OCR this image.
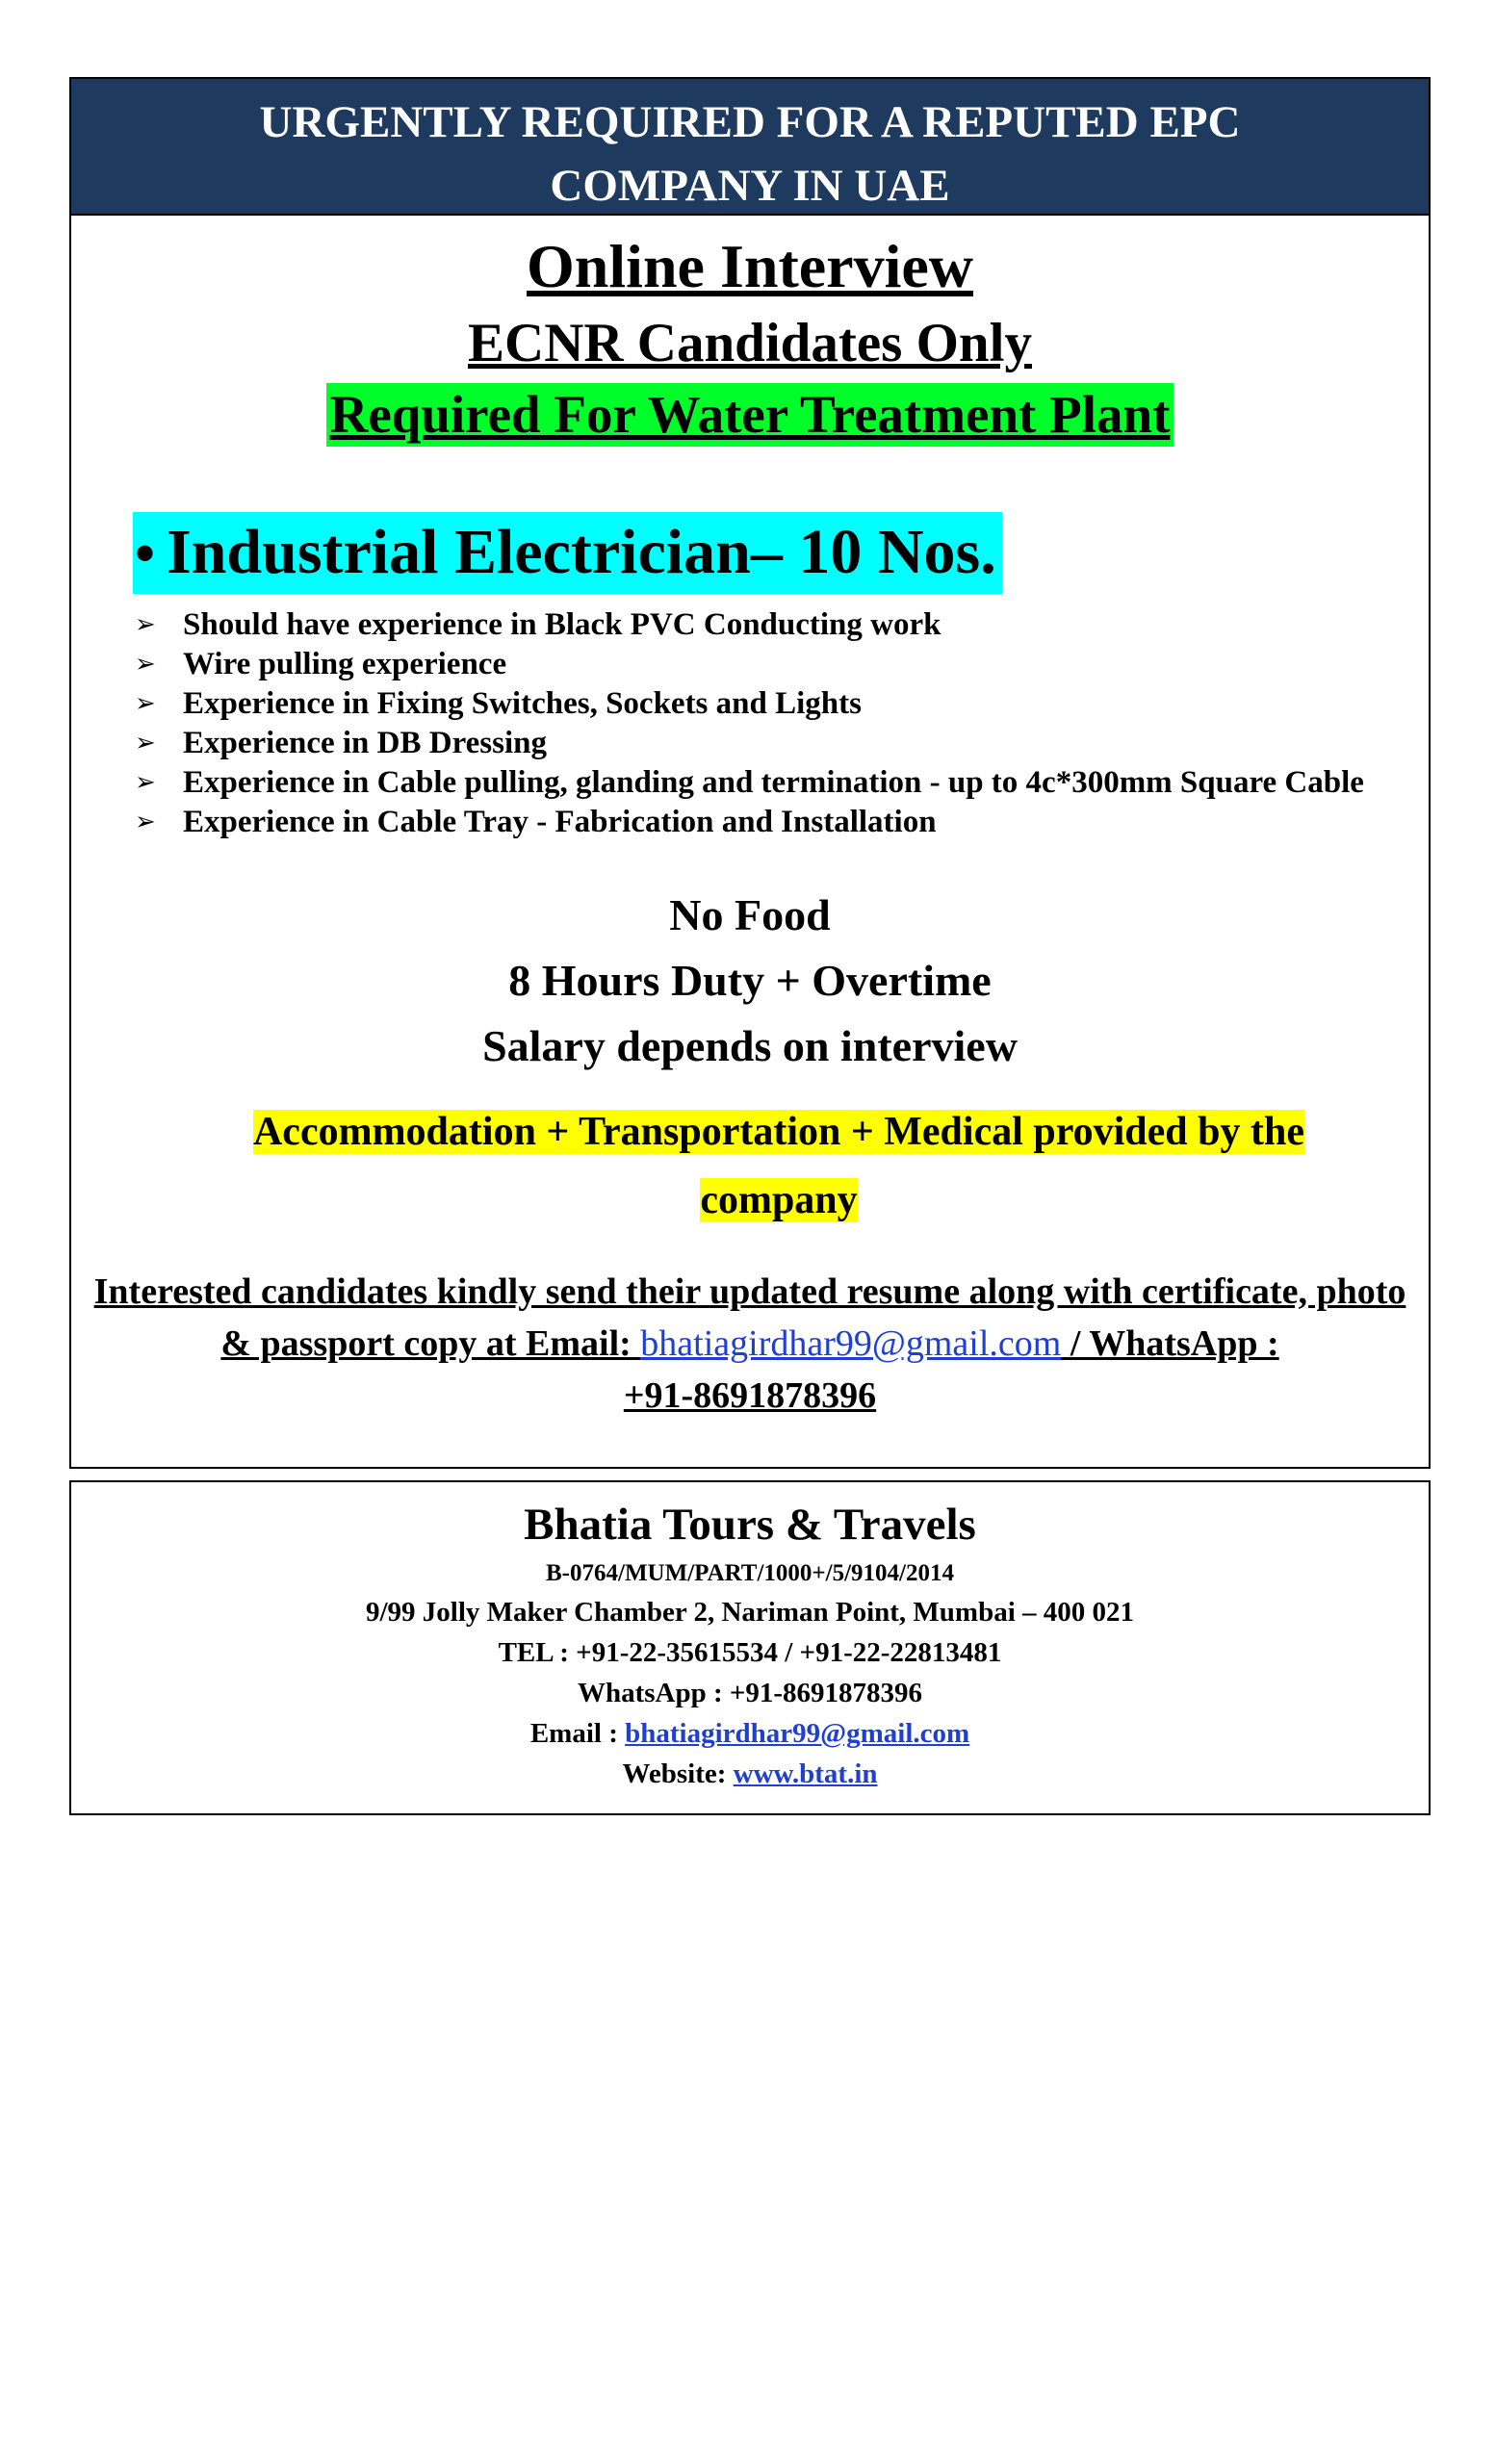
URGENTLY REQUIRED FOR A REPUTED EPC
COMPANY IN UAE
Online Interview
ECNR Candidates Only
Required For Water Treatment Plant
• Industrial Electrician– 10 Nos.
➢ Should have experience in Black PVC Conducting work
➢ Wire pulling experience
➢ Experience in Fixing Switches, Sockets and Lights
➢ Experience in DB Dressing
➢ Experience in Cable pulling, glanding and termination - up to 4c*300mm Square Cable
➢ Experience in Cable Tray - Fabrication and Installation
No Food
8 Hours Duty + Overtime
Salary depends on interview
Accommodation + Transportation + Medical provided by the company
Interested candidates kindly send their updated resume along with certificate, photo & passport copy at Email: bhatiagirdhar99@gmail.com / WhatsApp :
+91-8691878396
Bhatia Tours & Travels
B-0764/MUM/PART/1000+/5/9104/2014
9/99 Jolly Maker Chamber 2, Nariman Point, Mumbai – 400 021
TEL : +91-22-35615534 / +91-22-22813481
WhatsApp : +91-8691878396
Email : bhatiagirdhar99@gmail.com
Website: www.btat.in
